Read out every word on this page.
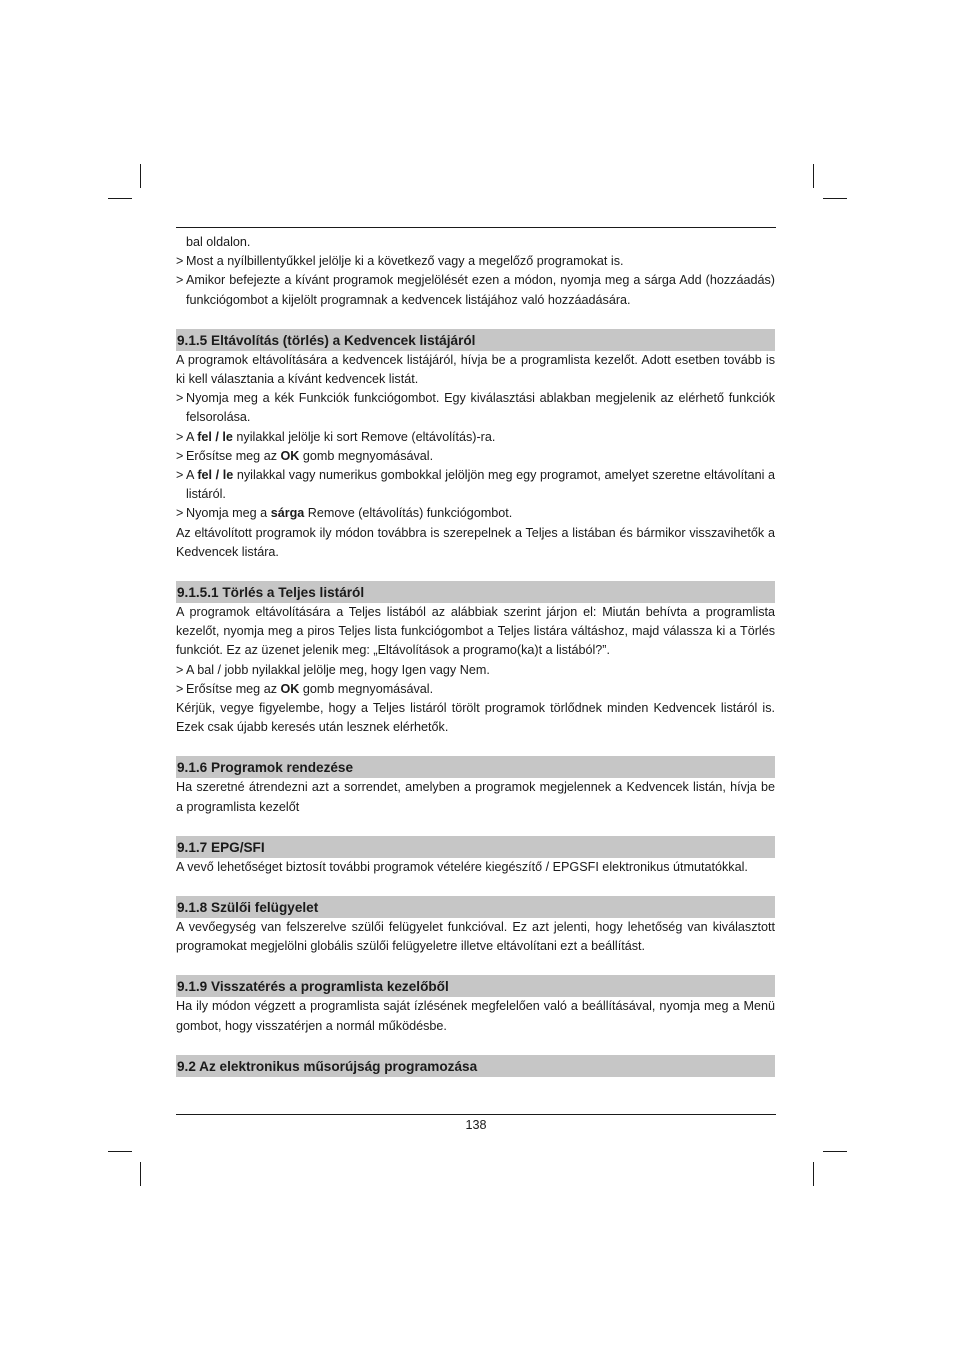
bal oldalon.

> Most a nyílbillentyűkkel jelölje ki a következő vagy a megelőző programokat is.
> Amikor befejezte a kívánt programok megjelölését ezen a módon, nyomja meg a sárga Add (hozzáadás) funkciógombot a kijelölt programnak a kedvencek listájához való hozzáadására.
9.1.5 Eltávolítás (törlés) a Kedvencek listájáról

A programok eltávolítására a kedvencek listájáról, hívja be a programlista kezelőt. Adott esetben tovább is ki kell választania a kívánt kedvencek listát.

> Nyomja meg a kék Funkciók funkciógombot. Egy kiválasztási ablakban megjelenik az elérhető funkciók felsorolása.
> A fel / le nyilakkal jelölje ki sort Remove (eltávolítás)-ra.
> Erősítse meg az OK gomb megnyomásával.
> A fel / le nyilakkal vagy numerikus gombokkal jelöljön meg egy programot, amelyet szeretne eltávolítani a listáról.
> Nyomja meg a sárga Remove (eltávolítás) funkciógombot.

Az eltávolított programok ily módon továbbra is szerepelnek a Teljes a listában és bármikor visszavihetők a Kedvencek listára.

9.1.5.1 Törlés a Teljes listáról

A programok eltávolítására a Teljes listából az alábbiak szerint járjon el: Miután behívta a programlista kezelőt, nyomja meg a piros Teljes lista funkciógombot a Teljes listára váltáshoz, majd válassza ki a Törlés funkciót. Ez az üzenet jelenik meg: „Eltávolítások a programo(ka)t a listából?”.

> A bal / jobb nyilakkal jelölje meg, hogy Igen vagy Nem.
> Erősítse meg az OK gomb megnyomásával.

Kérjük, vegye figyelembe, hogy a Teljes listáról törölt programok törlődnek minden Kedvencek listáról is. Ezek csak újabb keresés után lesznek elérhetők.

9.1.6 Programok rendezése

Ha szeretné átrendezni azt a sorrendet, amelyben a programok megjelennek a Kedvencek listán, hívja be a programlista kezelőt

9.1.7 EPG/SFI

A vevő lehetőséget biztosít további programok vételére kiegészítő / EPGSFI elektronikus útmutatókkal.

9.1.8 Szülői felügyelet

A vevőegység van felszerelve szülői felügyelet funkcióval. Ez azt jelenti, hogy lehetőség van kiválasztott programokat megjelölni globális szülői felügyeletre illetve eltávolítani ezt a beállítást.

9.1.9 Visszatérés a programlista kezelőből

Ha ily módon végzett a programlista saját ízlésének megfelelően való a beállításával, nyomja meg a Menü gombot, hogy visszatérjen a normál működésbe.

9.2 Az elektronikus műsorújság programozása
138
